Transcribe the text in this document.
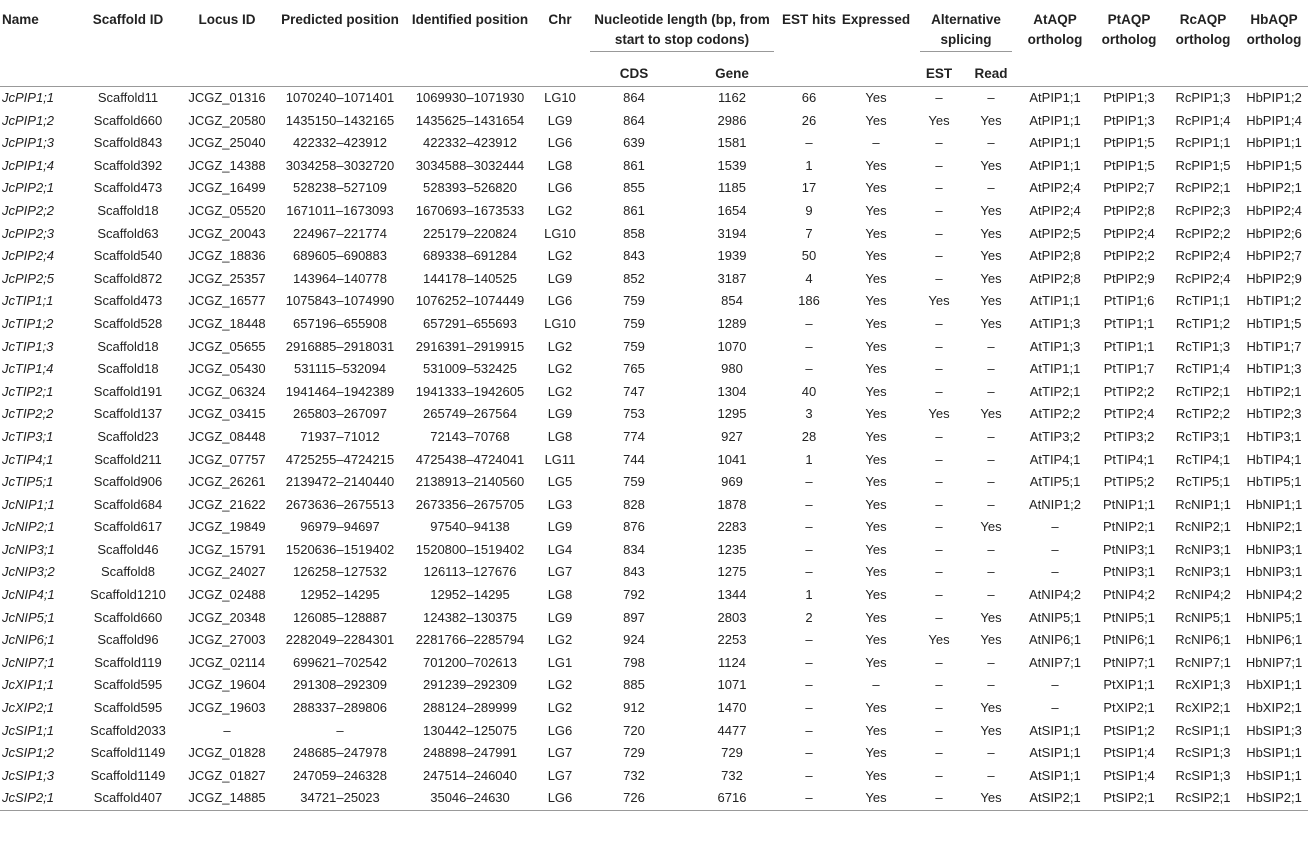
Name	Scaffold ID	Locus ID	Predicted position	Identified position	Chr	Nucleotide length (bp, from start to stop codons)		EST hits	Expressed	Alternative splicing		AtAQP ortholog	PtAQP ortholog	RcAQP ortholog	HbAQP ortholog
						CDS	Gene			EST	Read				
JcPIP1;1	Scaffold11	JCGZ_01316	1070240–1071401	1069930–1071930	LG10	864	1162	66	Yes	–	–	AtPIP1;1	PtPIP1;3	RcPIP1;3	HbPIP1;2
JcPIP1;2	Scaffold660	JCGZ_20580	1435150–1432165	1435625–1431654	LG9	864	2986	26	Yes	Yes	Yes	AtPIP1;1	PtPIP1;3	RcPIP1;4	HbPIP1;4
JcPIP1;3	Scaffold843	JCGZ_25040	422332–423912	422332–423912	LG6	639	1581	–	–	–	–	AtPIP1;1	PtPIP1;5	RcPIP1;1	HbPIP1;1
JcPIP1;4	Scaffold392	JCGZ_14388	3034258–3032720	3034588–3032444	LG8	861	1539	1	Yes	–	Yes	AtPIP1;1	PtPIP1;5	RcPIP1;5	HbPIP1;5
JcPIP2;1	Scaffold473	JCGZ_16499	528238–527109	528393–526820	LG6	855	1185	17	Yes	–	–	AtPIP2;4	PtPIP2;7	RcPIP2;1	HbPIP2;1
JcPIP2;2	Scaffold18	JCGZ_05520	1671011–1673093	1670693–1673533	LG2	861	1654	9	Yes	–	Yes	AtPIP2;4	PtPIP2;8	RcPIP2;3	HbPIP2;4
JcPIP2;3	Scaffold63	JCGZ_20043	224967–221774	225179–220824	LG10	858	3194	7	Yes	–	Yes	AtPIP2;5	PtPIP2;4	RcPIP2;2	HbPIP2;6
JcPIP2;4	Scaffold540	JCGZ_18836	689605–690883	689338–691284	LG2	843	1939	50	Yes	–	Yes	AtPIP2;8	PtPIP2;2	RcPIP2;4	HbPIP2;7
JcPIP2;5	Scaffold872	JCGZ_25357	143964–140778	144178–140525	LG9	852	3187	4	Yes	–	Yes	AtPIP2;8	PtPIP2;9	RcPIP2;4	HbPIP2;9
JcTIP1;1	Scaffold473	JCGZ_16577	1075843–1074990	1076252–1074449	LG6	759	854	186	Yes	Yes	Yes	AtTIP1;1	PtTIP1;6	RcTIP1;1	HbTIP1;2
JcTIP1;2	Scaffold528	JCGZ_18448	657196–655908	657291–655693	LG10	759	1289	–	Yes	–	Yes	AtTIP1;3	PtTIP1;1	RcTIP1;2	HbTIP1;5
JcTIP1;3	Scaffold18	JCGZ_05655	2916885–2918031	2916391–2919915	LG2	759	1070	–	Yes	–	–	AtTIP1;3	PtTIP1;1	RcTIP1;3	HbTIP1;7
JcTIP1;4	Scaffold18	JCGZ_05430	531115–532094	531009–532425	LG2	765	980	–	Yes	–	–	AtTIP1;1	PtTIP1;7	RcTIP1;4	HbTIP1;3
JcTIP2;1	Scaffold191	JCGZ_06324	1941464–1942389	1941333–1942605	LG2	747	1304	40	Yes	–	–	AtTIP2;1	PtTIP2;2	RcTIP2;1	HbTIP2;1
JcTIP2;2	Scaffold137	JCGZ_03415	265803–267097	265749–267564	LG9	753	1295	3	Yes	Yes	Yes	AtTIP2;2	PtTIP2;4	RcTIP2;2	HbTIP2;3
JcTIP3;1	Scaffold23	JCGZ_08448	71937–71012	72143–70768	LG8	774	927	28	Yes	–	–	AtTIP3;2	PtTIP3;2	RcTIP3;1	HbTIP3;1
JcTIP4;1	Scaffold211	JCGZ_07757	4725255–4724215	4725438–4724041	LG11	744	1041	1	Yes	–	–	AtTIP4;1	PtTIP4;1	RcTIP4;1	HbTIP4;1
JcTIP5;1	Scaffold906	JCGZ_26261	2139472–2140440	2138913–2140560	LG5	759	969	–	Yes	–	–	AtTIP5;1	PtTIP5;2	RcTIP5;1	HbTIP5;1
JcNIP1;1	Scaffold684	JCGZ_21622	2673636–2675513	2673356–2675705	LG3	828	1878	–	Yes	–	–	AtNIP1;2	PtNIP1;1	RcNIP1;1	HbNIP1;1
JcNIP2;1	Scaffold617	JCGZ_19849	96979–94697	97540–94138	LG9	876	2283	–	Yes	–	Yes	–	PtNIP2;1	RcNIP2;1	HbNIP2;1
JcNIP3;1	Scaffold46	JCGZ_15791	1520636–1519402	1520800–1519402	LG4	834	1235	–	Yes	–	–	–	PtNIP3;1	RcNIP3;1	HbNIP3;1
JcNIP3;2	Scaffold8	JCGZ_24027	126258–127532	126113–127676	LG7	843	1275	–	Yes	–	–	–	PtNIP3;1	RcNIP3;1	HbNIP3;1
JcNIP4;1	Scaffold1210	JCGZ_02488	12952–14295	12952–14295	LG8	792	1344	1	Yes	–	–	AtNIP4;2	PtNIP4;2	RcNIP4;2	HbNIP4;2
JcNIP5;1	Scaffold660	JCGZ_20348	126085–128887	124382–130375	LG9	897	2803	2	Yes	–	Yes	AtNIP5;1	PtNIP5;1	RcNIP5;1	HbNIP5;1
JcNIP6;1	Scaffold96	JCGZ_27003	2282049–2284301	2281766–2285794	LG2	924	2253	–	Yes	Yes	Yes	AtNIP6;1	PtNIP6;1	RcNIP6;1	HbNIP6;1
JcNIP7;1	Scaffold119	JCGZ_02114	699621–702542	701200–702613	LG1	798	1124	–	Yes	–	–	AtNIP7;1	PtNIP7;1	RcNIP7;1	HbNIP7;1
JcXIP1;1	Scaffold595	JCGZ_19604	291308–292309	291239–292309	LG2	885	1071	–	–	–	–	–	PtXIP1;1	RcXIP1;3	HbXIP1;1
JcXIP2;1	Scaffold595	JCGZ_19603	288337–289806	288124–289999	LG2	912	1470	–	Yes	–	Yes	–	PtXIP2;1	RcXIP2;1	HbXIP2;1
JcSIP1;1	Scaffold2033	–	–	130442–125075	LG6	720	4477	–	Yes	–	Yes	AtSIP1;1	PtSIP1;2	RcSIP1;1	HbSIP1;3
JcSIP1;2	Scaffold1149	JCGZ_01828	248685–247978	248898–247991	LG7	729	729	–	Yes	–	–	AtSIP1;1	PtSIP1;4	RcSIP1;3	HbSIP1;1
JcSIP1;3	Scaffold1149	JCGZ_01827	247059–246328	247514–246040	LG7	732	732	–	Yes	–	–	AtSIP1;1	PtSIP1;4	RcSIP1;3	HbSIP1;1
JcSIP2;1	Scaffold407	JCGZ_14885	34721–25023	35046–24630	LG6	726	6716	–	Yes	–	Yes	AtSIP2;1	PtSIP2;1	RcSIP2;1	HbSIP2;1
